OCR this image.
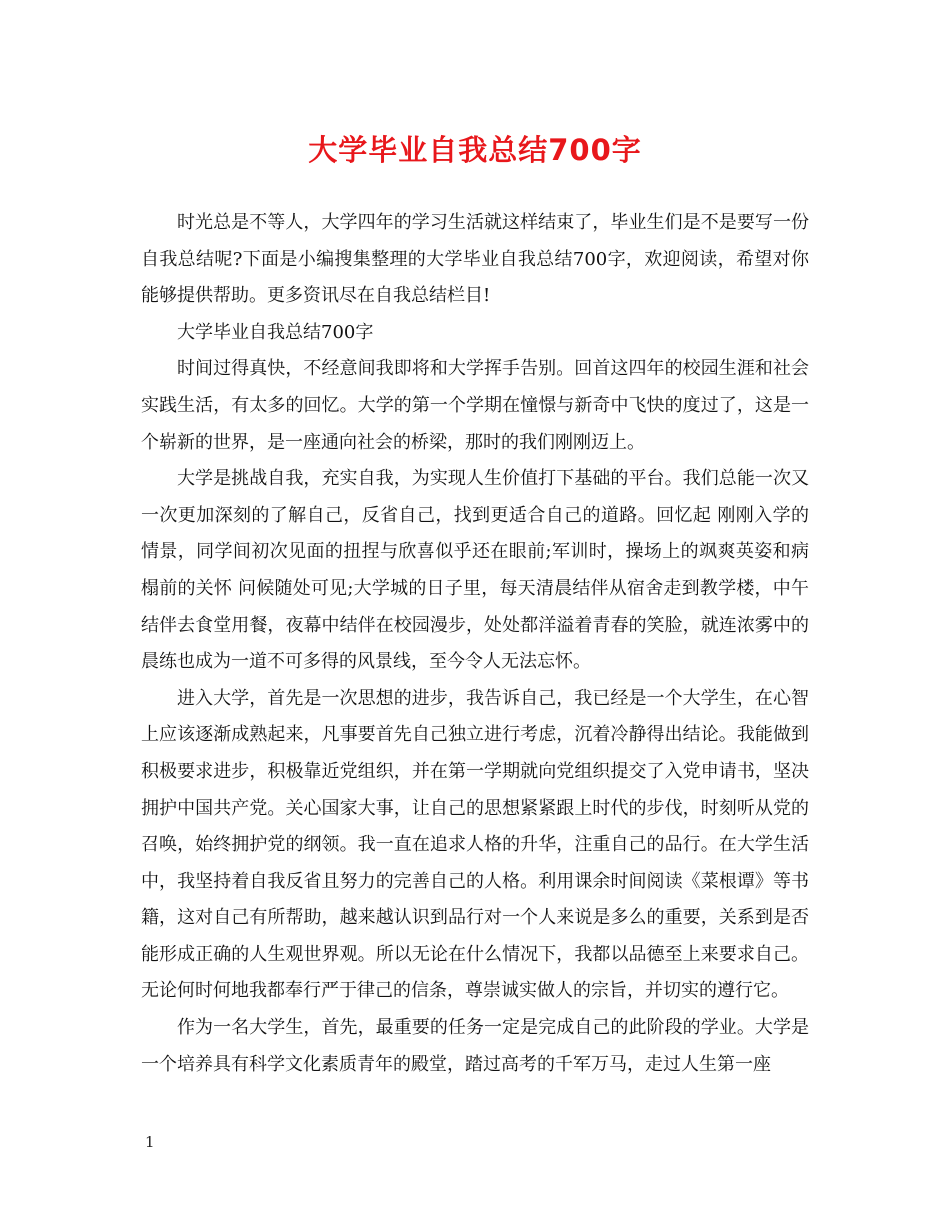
大学毕业自我总结700字

时光总是不等人，大学四年的学习生活就这样结束了，毕业生们是不是要写一份自我总结呢?下面是小编搜集整理的大学毕业自我总结700字，欢迎阅读，希望对你能够提供帮助。更多资讯尽在自我总结栏目!

大学毕业自我总结700字

时间过得真快，不经意间我即将和大学挥手告别。回首这四年的校园生涯和社会实践生活，有太多的回忆。大学的第一个学期在憧憬与新奇中飞快的度过了，这是一个崭新的世界，是一座通向社会的桥梁，那时的我们刚刚迈上。

大学是挑战自我，充实自我，为实现人生价值打下基础的平台。我们总能一次又一次更加深刻的了解自己，反省自己，找到更适合自己的道路。回忆起 刚刚入学的情景，同学间初次见面的扭捏与欣喜似乎还在眼前;军训时，操场上的飒爽英姿和病榻前的关怀 问候随处可见;大学城的日子里，每天清晨结伴从宿舍走到教学楼，中午结伴去食堂用餐，夜幕中结伴在校园漫步，处处都洋溢着青春的笑脸，就连浓雾中的晨练也成为一道不可多得的风景线，至今令人无法忘怀。

进入大学，首先是一次思想的进步，我告诉自己，我已经是一个大学生，在心智上应该逐渐成熟起来，凡事要首先自己独立进行考虑，沉着冷静得出结论。我能做到积极要求进步，积极靠近党组织，并在第一学期就向党组织提交了入党申请书，坚决拥护中国共产党。关心国家大事，让自己的思想紧紧跟上时代的步伐，时刻听从党的召唤，始终拥护党的纲领。我一直在追求人格的升华，注重自己的品行。在大学生活中，我坚持着自我反省且努力的完善自己的人格。利用课余时间阅读《菜根谭》等书籍，这对自己有所帮助，越来越认识到品行对一个人来说是多么的重要，关系到是否能形成正确的人生观世界观。所以无论在什么情况下，我都以品德至上来要求自己。无论何时何地我都奉行严于律己的信条，尊崇诚实做人的宗旨，并切实的遵行它。

作为一名大学生，首先，最重要的任务一定是完成自己的此阶段的学业。大学是一个培养具有科学文化素质青年的殿堂，踏过高考的千军万马，走过人生第一座

1
